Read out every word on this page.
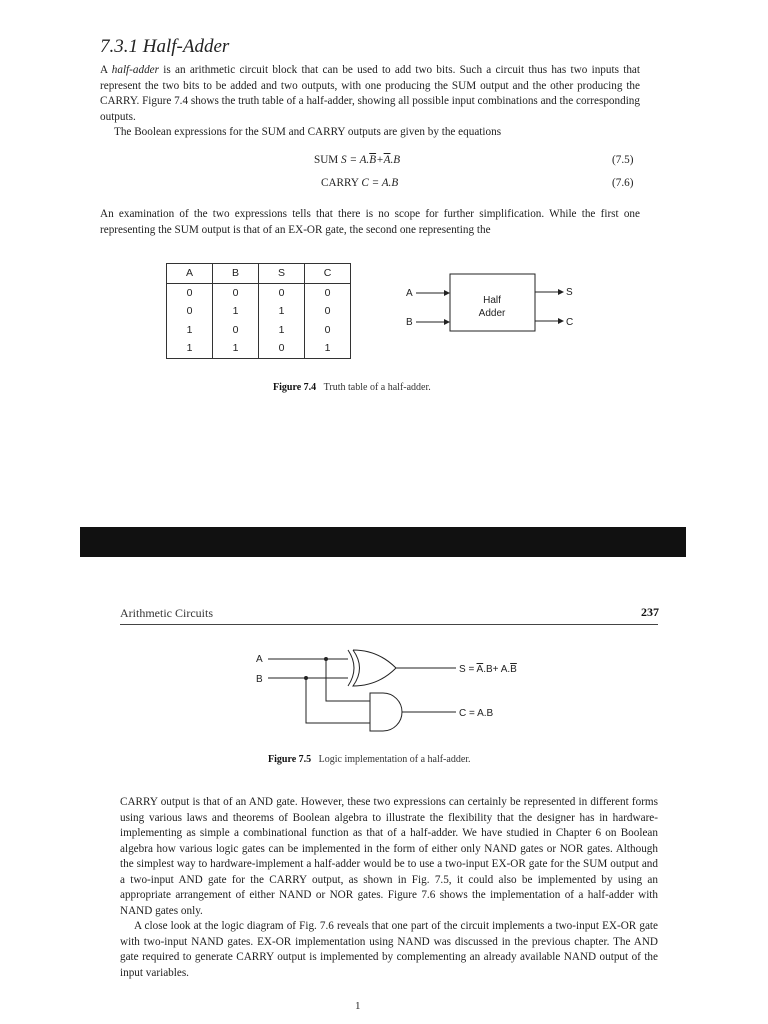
7.3.1 Half-Adder

A half-adder is an arithmetic circuit block that can be used to add two bits. Such a circuit thus has two inputs that represent the two bits to be added and two outputs, with one producing the SUM output and the other producing the CARRY. Figure 7.4 shows the truth table of a half-adder, showing all possible input combinations and the corresponding outputs.

The Boolean expressions for the SUM and CARRY outputs are given by the equations

SUM $S = A.\overline{B}+\overline{A}.B$	(7.5)
CARRY C = A.B	(7.6)
An examination of the two expressions tells that there is no scope for further simplification. While the first one representing the SUM output is that of an EX-OR gate, the second one representing the
A	B	S	C
0	0	0	0
0	1	1	0
1	0	1	0
1	1	0	1
A
B
Half
Adder
S
C
Figure 7.4 Truth table of a half-adder.
Arithmetic Circuits	237
A
B
S = A.B+ A.B
C = A.B
Figure 7.5 Logic implementation of a half-adder.

CARRY output is that of an AND gate. However, these two expressions can certainly be represented in different forms using various laws and theorems of Boolean algebra to illustrate the flexibility that the designer has in hardware-implementing as simple a combinational function as that of a half-adder. We have studied in Chapter 6 on Boolean algebra how various logic gates can be implemented in the form of either only NAND gates or NOR gates. Although the simplest way to hardware-implement a half-adder would be to use a two-input EX-OR gate for the SUM output and a two-input AND gate for the CARRY output, as shown in Fig. 7.5, it could also be implemented by using an appropriate arrangement of either NAND or NOR gates. Figure 7.6 shows the implementation of a half-adder with NAND gates only.

A close look at the logic diagram of Fig. 7.6 reveals that one part of the circuit implements a two-input EX-OR gate with two-input NAND gates. EX-OR implementation using NAND was discussed in the previous chapter. The AND gate required to generate CARRY output is implemented by complementing an already available NAND output of the input variables.

1
